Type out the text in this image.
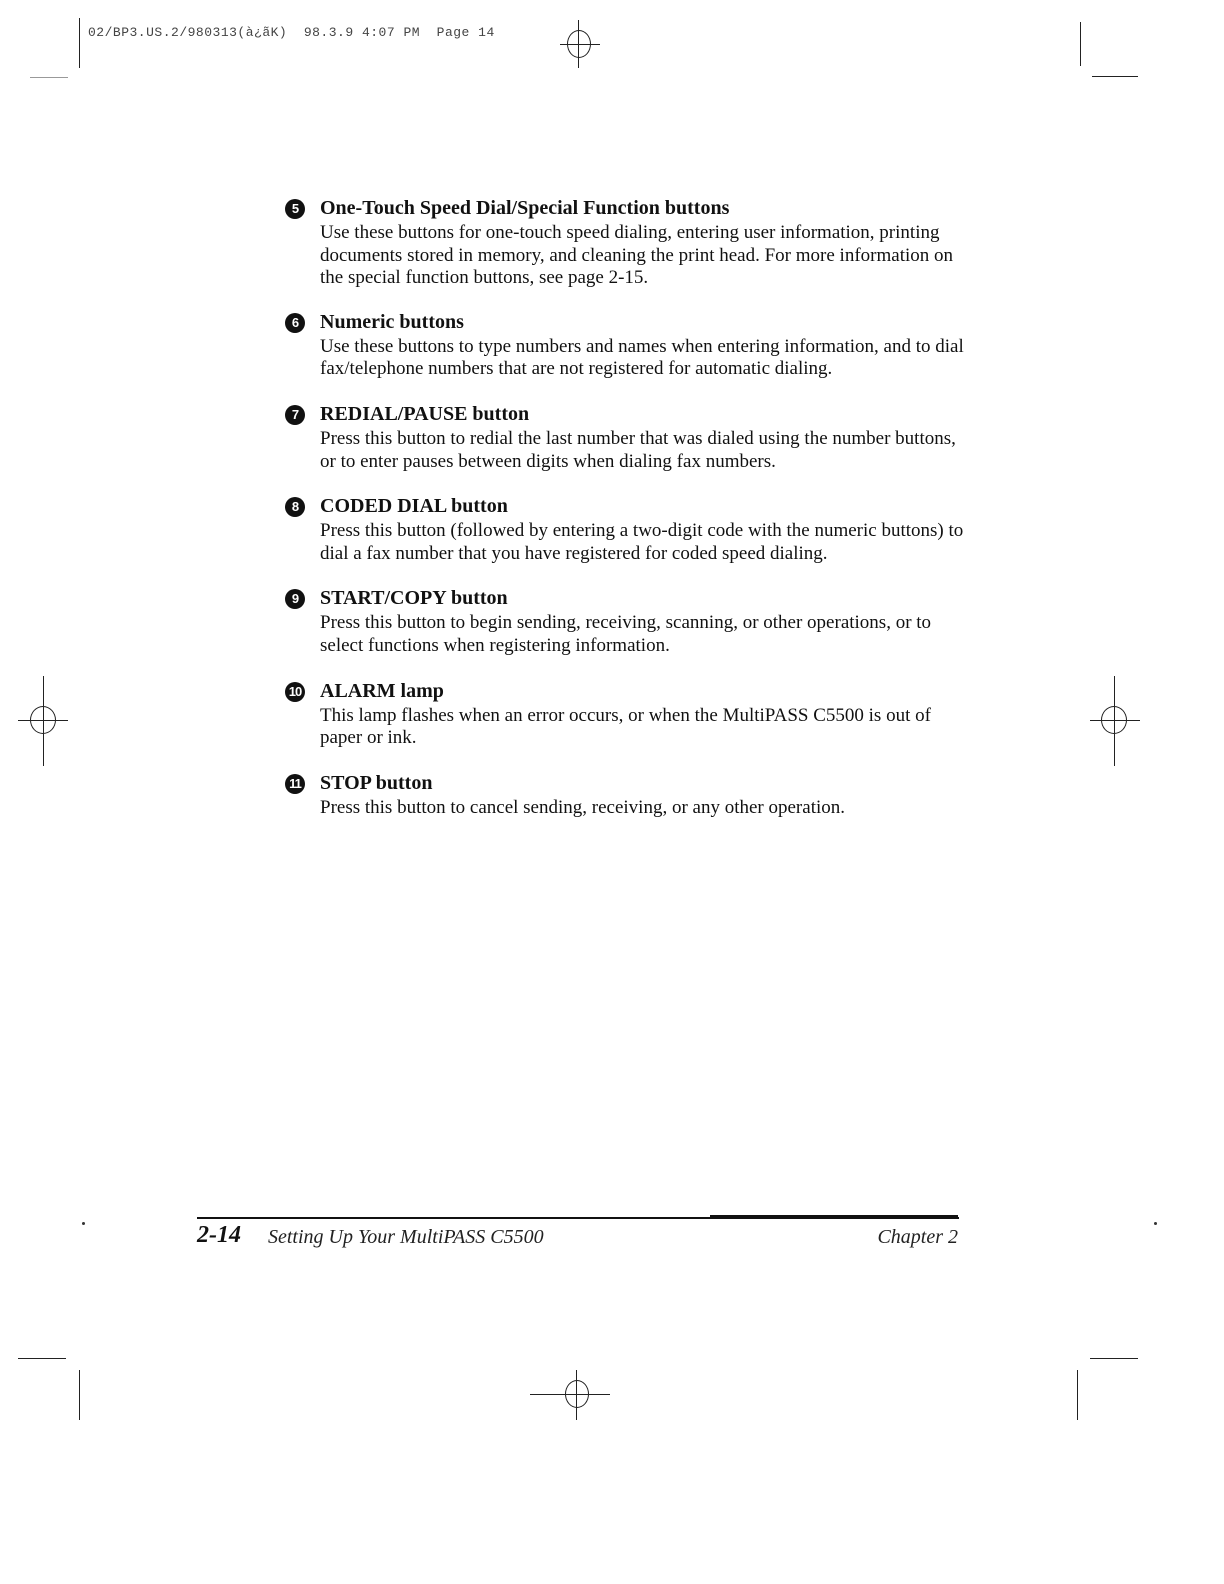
02/BP3.US.2/980313(à¿ãK)  98.3.9 4:07 PM  Page 14
5	One-Touch Speed Dial/Special Function buttons

Use these buttons for one-touch speed dialing, entering user information, printing documents stored in memory, and cleaning the print head. For more information on the special function buttons, see page 2-15.

6	Numeric buttons

Use these buttons to type numbers and names when entering information, and to dial fax/telephone numbers that are not registered for automatic dialing.

7	REDIAL/PAUSE button

Press this button to redial the last number that was dialed using the number buttons, or to enter pauses between digits when dialing fax numbers.

8	CODED DIAL button

Press this button (followed by entering a two-digit code with the numeric buttons) to dial a fax number that you have registered for coded speed dialing.

9	START/COPY button

Press this button to begin sending, receiving, scanning, or other operations, or to select functions when registering information.

10 ALARM lamp

This lamp flashes when an error occurs, or when the MultiPASS C5500 is out of paper or ink.

11 STOP button

Press this button to cancel sending, receiving, or any other operation.

2-14 Setting Up Your MultiPASS C5500	Chapter 2
